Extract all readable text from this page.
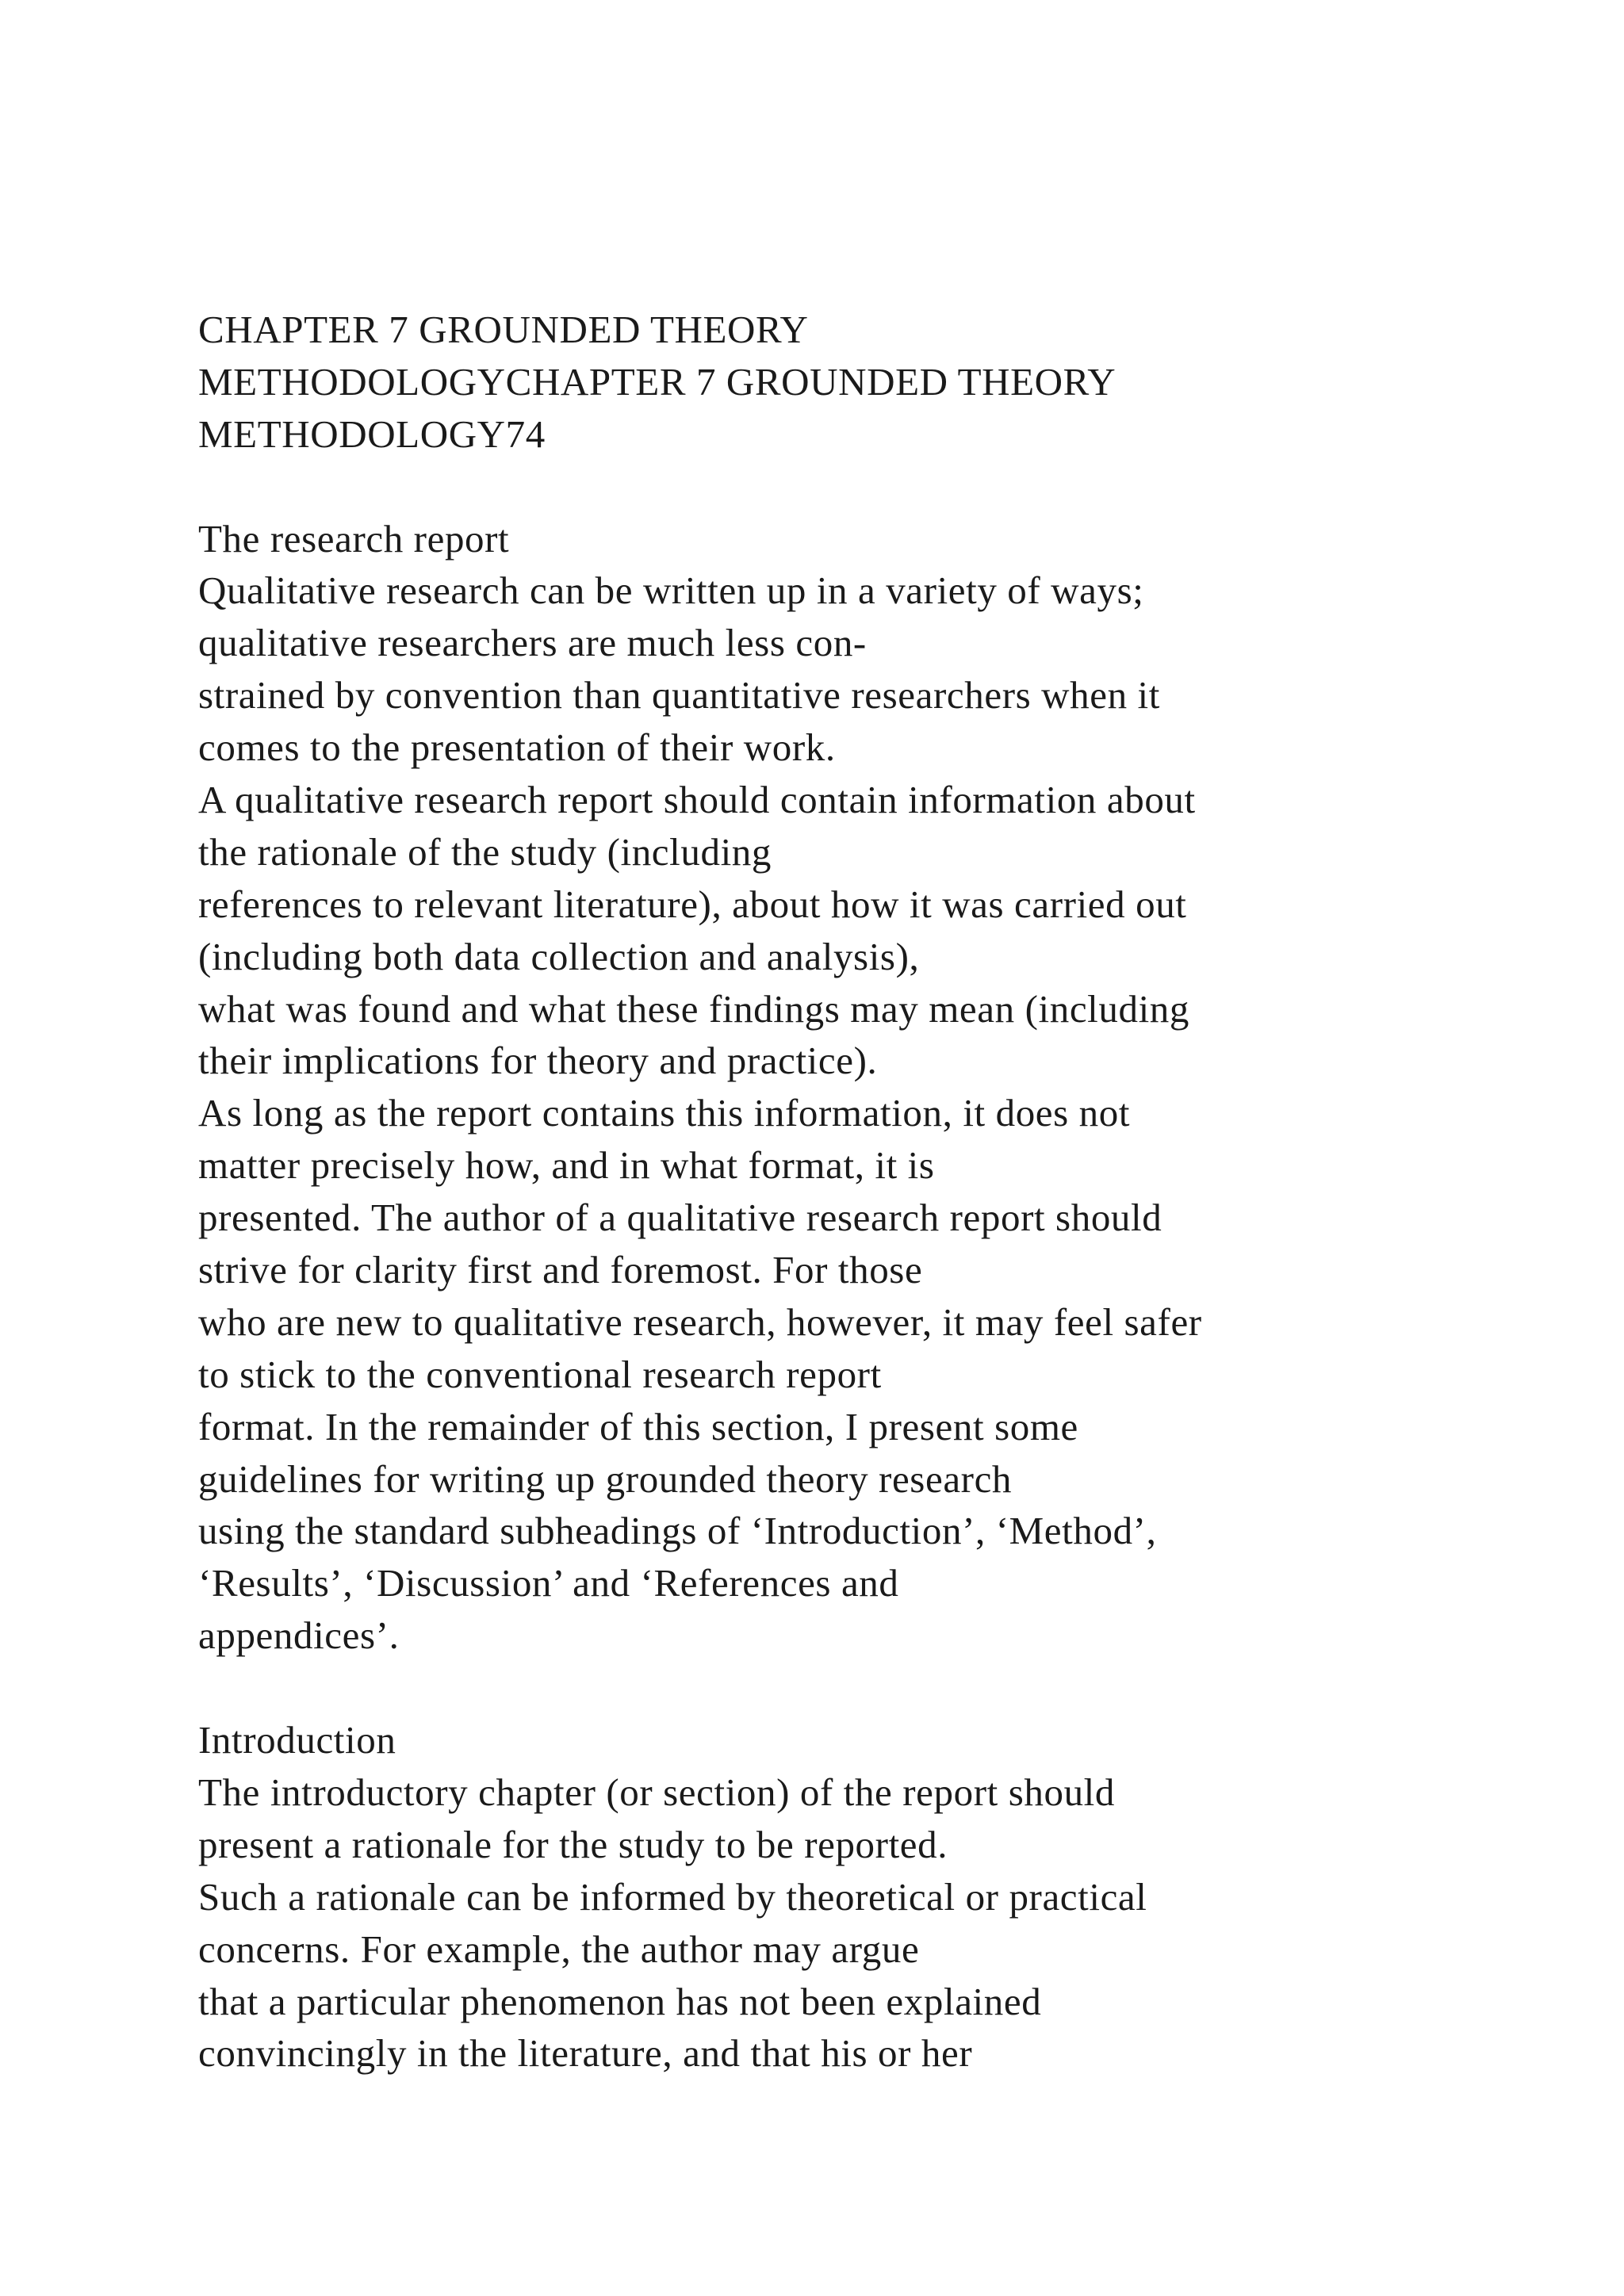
CHAPTER 7 GROUNDED THEORY
METHODOLOGYCHAPTER 7 GROUNDED THEORY
METHODOLOGY74
The research report
Qualitative research can be written up in a variety of ways;
qualitative researchers are much less con-
strained by convention than quantitative researchers when it
comes to the presentation of their work.
A qualitative research report should contain information about
the rationale of the study (including
references to relevant literature), about how it was carried out
(including both data collection and analysis),
what was found and what these findings may mean (including
their implications for theory and practice).
As long as the report contains this information, it does not
matter precisely how, and in what format, it is
presented. The author of a qualitative research report should
strive for clarity first and foremost. For those
who are new to qualitative research, however, it may feel safer
to stick to the conventional research report
format. In the remainder of this section, I present some
guidelines for writing up grounded theory research
using the standard subheadings of ‘Introduction’, ‘Method’,
‘Results’, ‘Discussion’ and ‘References and
appendices’.
Introduction
The introductory chapter (or section) of the report should
present a rationale for the study to be reported.
Such a rationale can be informed by theoretical or practical
concerns. For example, the author may argue
that a particular phenomenon has not been explained
convincingly in the literature, and that his or her
